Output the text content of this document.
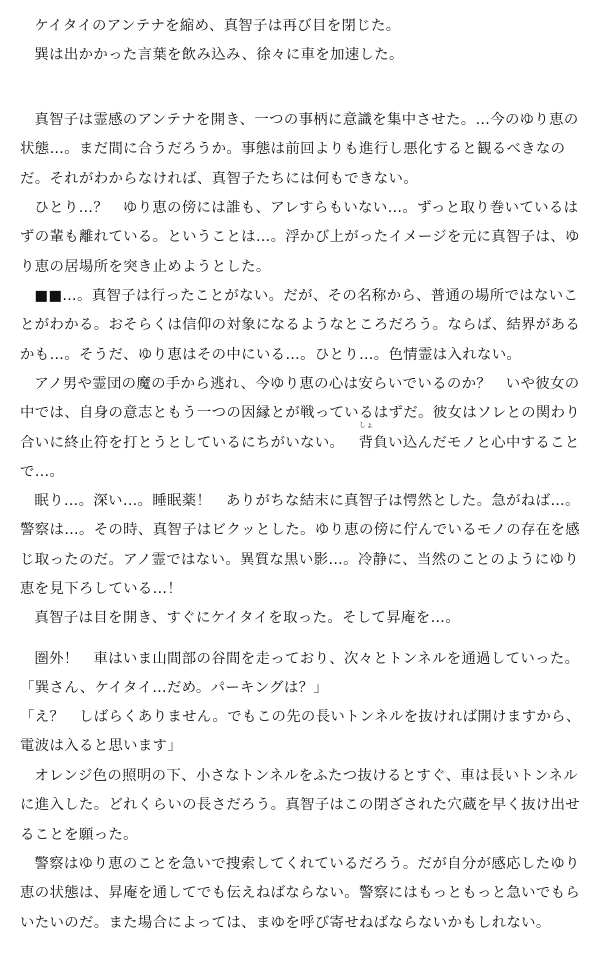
ケイタイのアンテナを縮め、真智子は再び目を閉じた。

巽は出かかった言葉を飲み込み、徐々に車を加速した。

真智子は霊感のアンテナを開き、一つの事柄に意識を集中させた。…今のゆり恵の状態…。まだ間に合うだろうか。事態は前回よりも進行し悪化すると観るべきなのだ。それがわからなければ、真智子たちには何もできない。

ひとり…？　ゆり恵の傍には誰も、アレすらもいない…。ずっと取り巻いているはずの輩も離れている。ということは…。浮かび上がったイメージを元に真智子は、ゆり恵の居場所を突き止めようとした。

■■…。真智子は行ったことがない。だが、その名称から、普通の場所ではないことがわかる。おそらくは信仰の対象になるようなところだろう。ならば、結界があるかも…。そうだ、ゆり恵はその中にいる…。ひとり…。色情霊は入れない。

アノ男や霊団の魔の手から逃れ、今ゆり恵の心は安らいでいるのか？　いや彼女の中では、自身の意志ともう一つの因縁とが戦っているはずだ。彼女はソレとの関わり合いに終止符を打とうとしているにちがいない。
しょ
背負い込んだモノと心中することで…。

眠り…。深い…。睡眠薬！　ありがちな結末に真智子は愕然とした。急がねば…。警察は…。その時、真智子はビクッとした。ゆり恵の傍に佇んでいるモノの存在を感じ取ったのだ。アノ霊ではない。異質な黒い影…。冷静に、当然のことのようにゆり恵を見下ろしている…！

真智子は目を開き、すぐにケイタイを取った。そして昇庵を…。

圏外！　車はいま山間部の谷間を走っており、次々とトンネルを通過していった。

「巽さん、ケイタイ…だめ。パーキングは？」

「え？　しばらくありません。でもこの先の長いトンネルを抜ければ開けますから、電波は入ると思います」

オレンジ色の照明の下、小さなトンネルをふたつ抜けるとすぐ、車は長いトンネルに進入した。どれくらいの長さだろう。真智子はこの閉ざされた穴蔵を早く抜け出せることを願った。

警察はゆり恵のことを急いで捜索してくれているだろう。だが自分が感応したゆり恵の状態は、昇庵を通してでも伝えねばならない。警察にはもっともっと急いでもらいたいのだ。また場合によっては、まゆを呼び寄せねばならないかもしれない。
